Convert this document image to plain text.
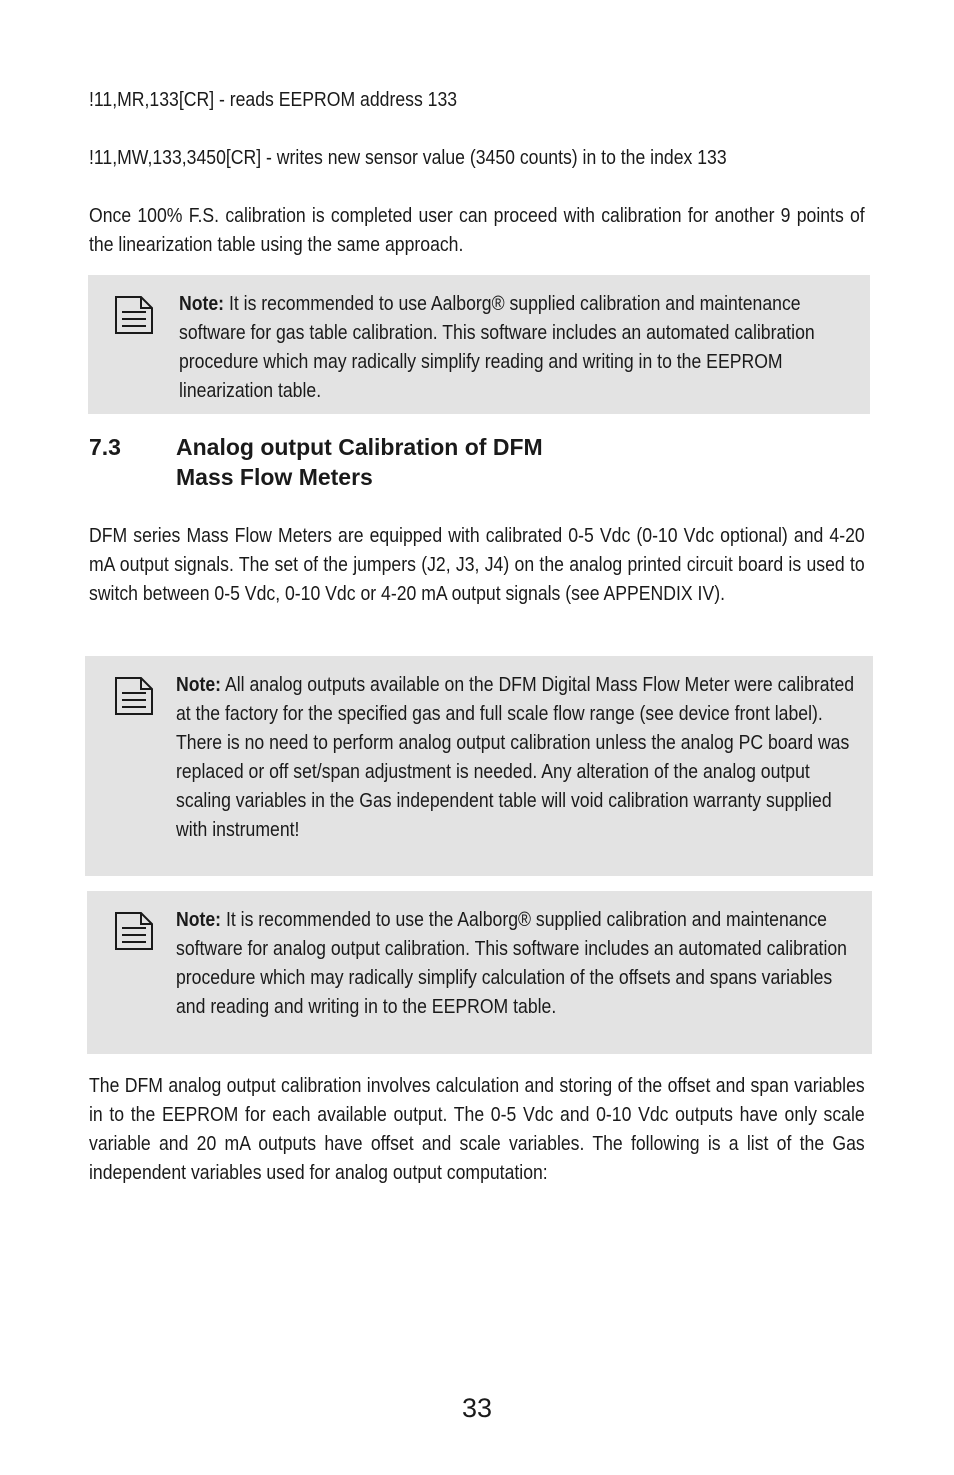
!11,MR,133[CR] - reads EEPROM address 133

!11,MW,133,3450[CR] - writes new sensor value (3450 counts) in to the index 133

Once 100% F.S. calibration is completed user can proceed with calibration for another 9 points of the linearization table using the same approach.

Note: It is recommended to use Aalborg® supplied calibration and maintenance software for gas table calibration. This software includes an automated calibration procedure which may radically simplify reading and writing in to the EEPROM linearization table.

7.3 Analog output Calibration of DFM
Mass Flow Meters

DFM series Mass Flow Meters are equipped with calibrated 0-5 Vdc (0-10 Vdc optional) and 4-20 mA output signals. The set of the jumpers (J2, J3, J4) on the analog printed circuit board is used to switch between 0-5 Vdc, 0-10 Vdc or 4-20 mA output signals (see APPENDIX IV).

Note: All analog outputs available on the DFM Digital Mass Flow Meter were calibrated at the factory for the specified gas and full scale flow range (see device front label). There is no need to perform analog output calibration unless the analog PC board was replaced or off set/span adjustment is needed. Any alteration of the analog output scaling variables in the Gas independent table will void calibration warranty supplied with instrument!

Note: It is recommended to use the Aalborg® supplied calibration and maintenance software for analog output calibration. This software includes an automated calibration procedure which may radically simplify calculation of the offsets and spans variables and reading and writing in to the EEPROM table.

The DFM analog output calibration involves calculation and storing of the offset and span variables in to the EEPROM for each available output. The 0-5 Vdc and 0-10 Vdc outputs have only scale variable and 20 mA outputs have offset and scale variables. The following is a list of the Gas independent variables used for analog output computation:

33
